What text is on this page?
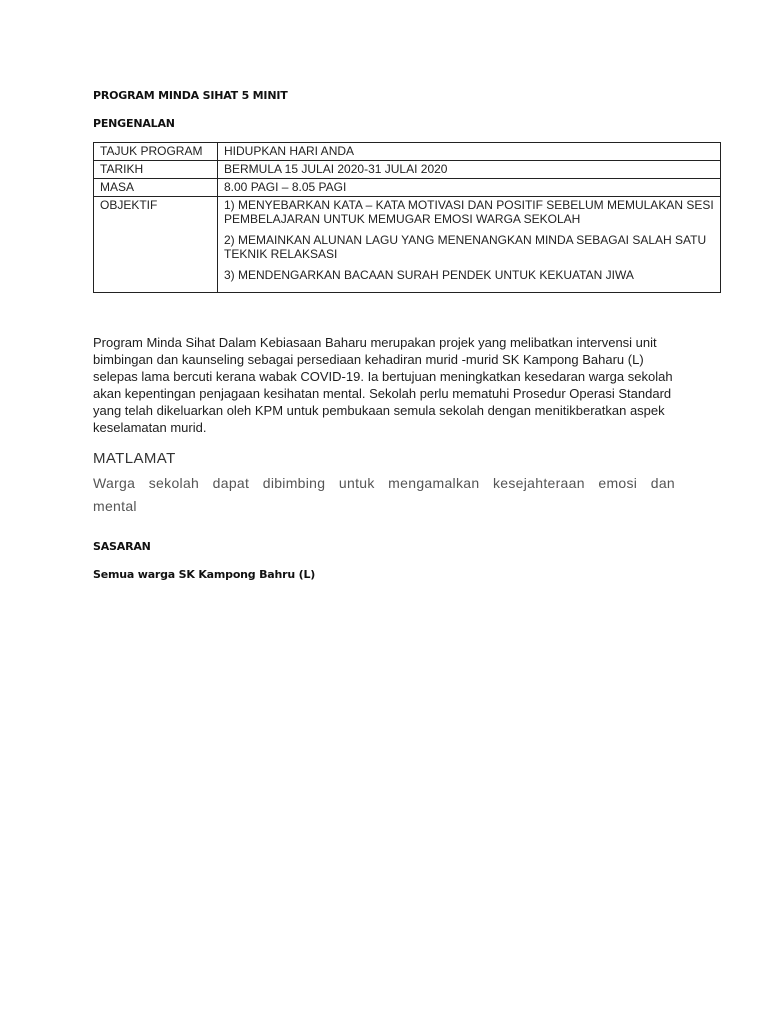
PROGRAM MINDA SIHAT 5 MINIT
PENGENALAN
TAJUK PROGRAM	HIDUPKAN HARI ANDA
TARIKH	BERMULA 15 JULAI 2020-31 JULAI 2020
MASA	8.00 PAGI – 8.05 PAGI
OBJEKTIF	1) MENYEBARKAN KATA – KATA MOTIVASI DAN POSITIF SEBELUM MEMULAKAN SESI PEMBELAJARAN UNTUK MEMUGAR EMOSI WARGA SEKOLAH
2) MEMAINKAN ALUNAN LAGU YANG MENENANGKAN MINDA SEBAGAI SALAH SATU TEKNIK RELAKSASI
3) MENDENGARKAN BACAAN SURAH PENDEK UNTUK KEKUATAN JIWA

Program Minda Sihat Dalam Kebiasaan Baharu merupakan projek yang melibatkan intervensi unit bimbingan dan kaunseling sebagai persediaan kehadiran murid -murid SK Kampong Baharu (L) selepas lama bercuti kerana wabak COVID-19. Ia bertujuan meningkatkan kesedaran warga sekolah akan kepentingan penjagaan kesihatan mental. Sekolah perlu mematuhi Prosedur Operasi Standard yang telah dikeluarkan oleh KPM untuk pembukaan semula sekolah dengan menitikberatkan aspek keselamatan murid.

MATLAMAT

Warga sekolah dapat dibimbing untuk mengamalkan kesejahteraan emosi dan mental

SASARAN
Semua warga SK Kampong Bahru (L)
